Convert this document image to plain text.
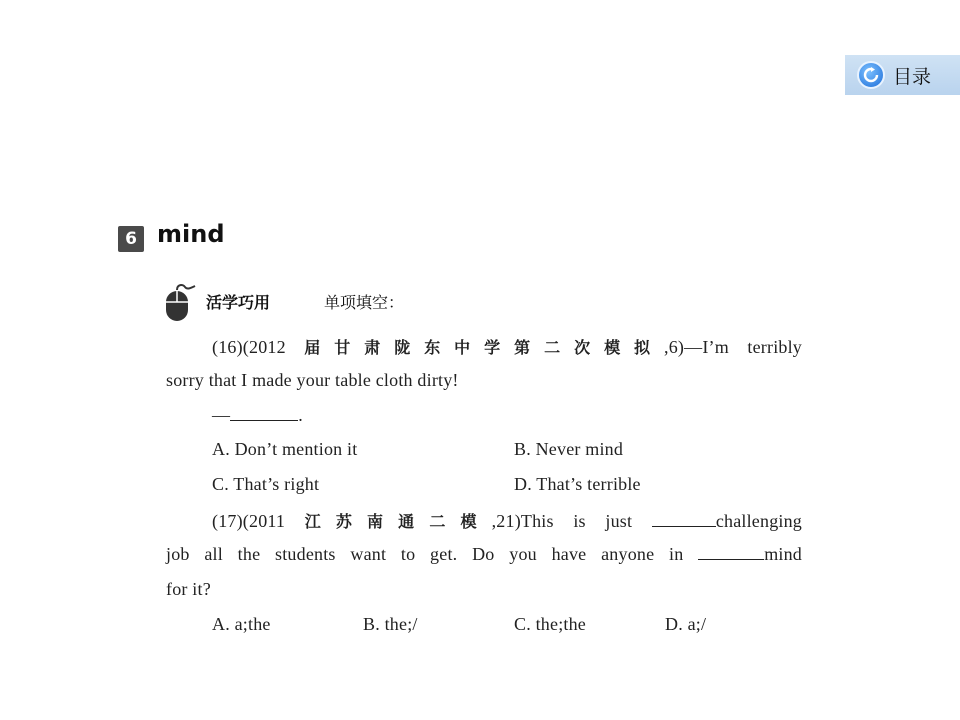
目录
6 mind
活学巧用	单项填空：
(16)(2012 届甘肃陇东中学第二次模拟,6)—I’m terribly
sorry that I made your table cloth dirty!
—	.
A. Don’t mention it	B. Never mind
C. That’s right	D. That’s terrible
(17)(2011 江苏南通二模,21)This is just	challenging
job all the students want to get. Do you have anyone in	mind
for it?
A. a;the	B. the;/	C. the;the	D. a;/
